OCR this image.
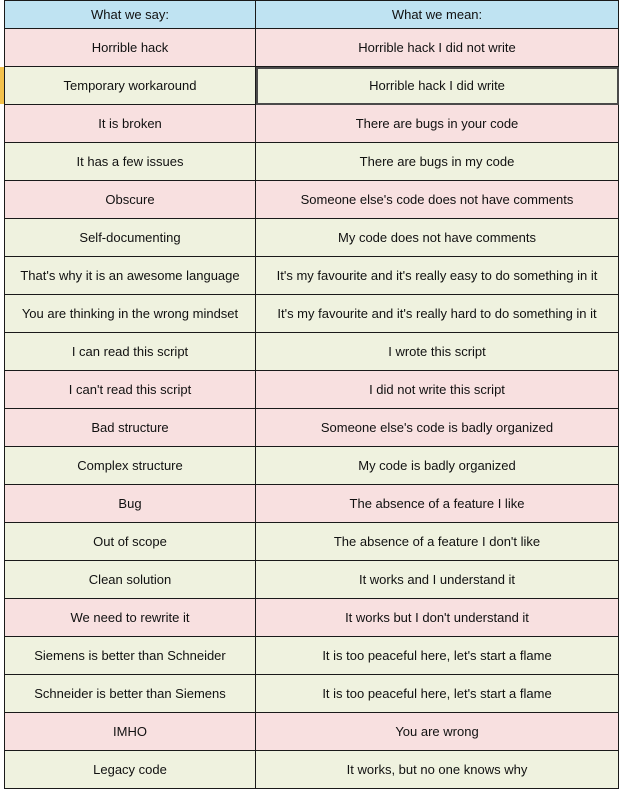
What we say:	What we mean:
Horrible hack	Horrible hack I did not write
Temporary workaround	Horrible hack I did write
It is broken	There are bugs in your code
It has a few issues	There are bugs in my code
Obscure	Someone else's code does not have comments
Self-documenting	My code does not have comments
That's why it is an awesome language	It's my favourite and it's really easy to do something in it
You are thinking in the wrong mindset	It's my favourite and it's really hard to do something in it
I can read this script	I wrote this script
I can't read this script	I did not write this script
Bad structure	Someone else's code is badly organized
Complex structure	My code is badly organized
Bug	The absence of a feature I like
Out of scope	The absence of a feature I don't like
Clean solution	It works and I understand it
We need to rewrite it	It works but I don't understand it
Siemens is better than Schneider	It is too peaceful here, let's start a flame
Schneider is better than Siemens	It is too peaceful here, let's start a flame
IMHO	You are wrong
Legacy code	It works, but no one knows why
